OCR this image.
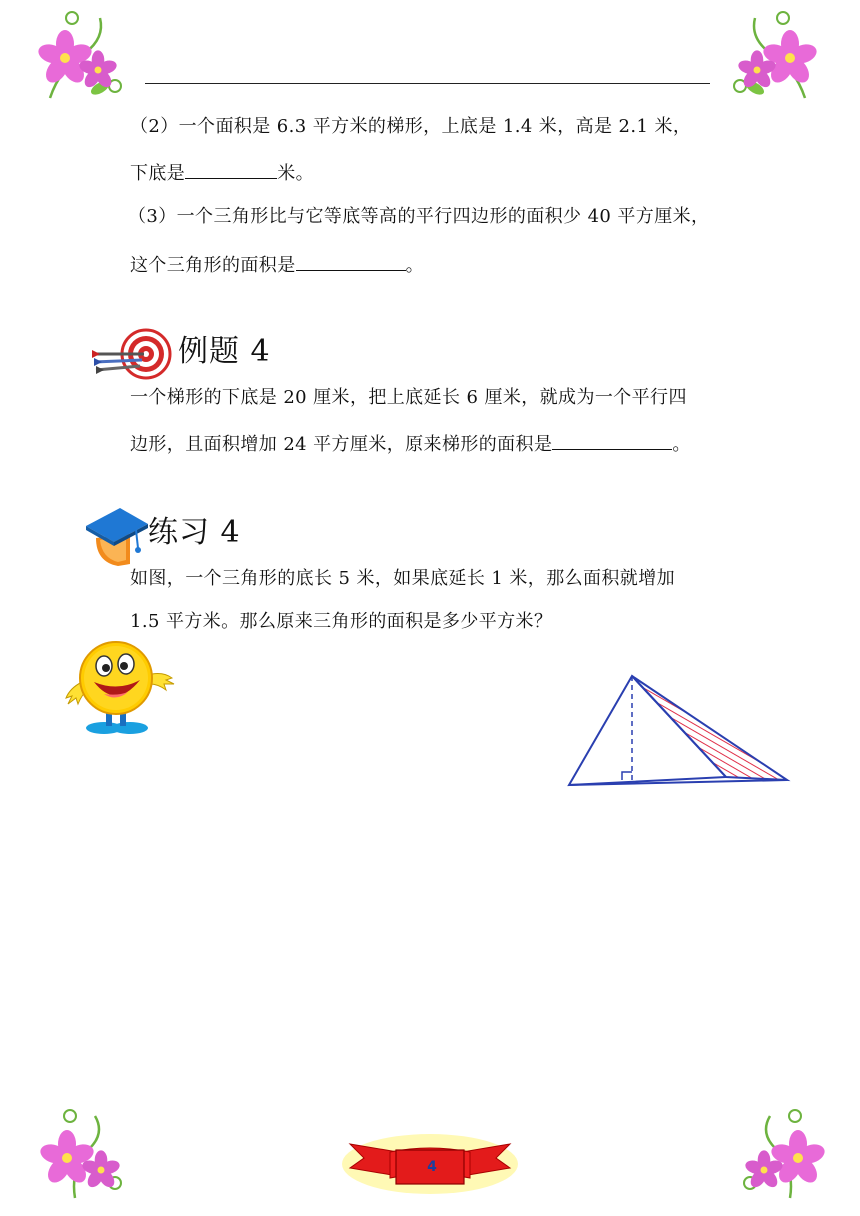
（2）一个面积是 6.3 平方米的梯形，上底是 1.4 米，高是 2.1 米，
下底是	米。
（3）一个三角形比与它等底等高的平行四边形的面积少 40 平方厘米，
这个三角形的面积是	。
例题 4
一个梯形的下底是 20 厘米，把上底延长 6 厘米，就成为一个平行四
边形，且面积增加 24 平方厘米，原来梯形的面积是	。
练习 4
如图，一个三角形的底长 5 米，如果底延长 1 米，那么面积就增加
1.5 平方米。那么原来三角形的面积是多少平方米？
4
